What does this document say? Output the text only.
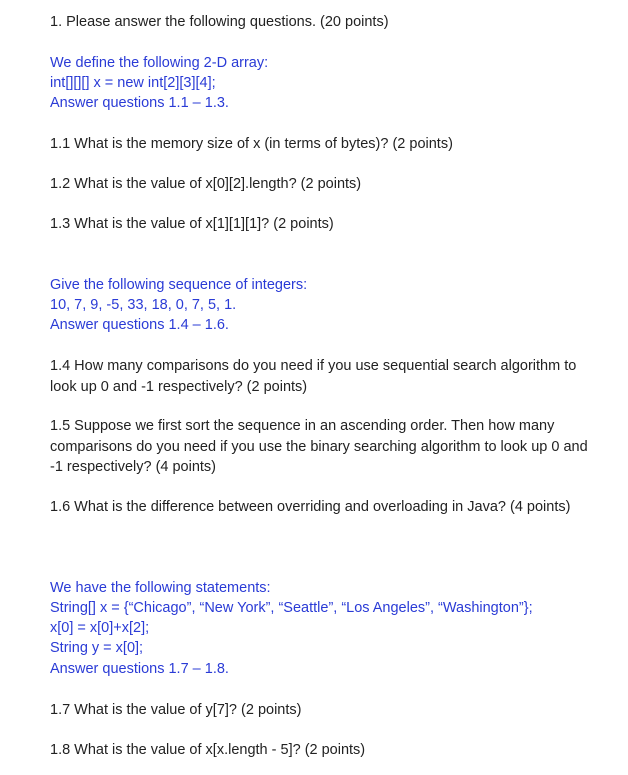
1. Please answer the following questions. (20 points)
We define the following 2-D array:
int[][][] x = new int[2][3][4];
Answer questions 1.1 – 1.3.
1.1 What is the memory size of x (in terms of bytes)? (2 points)
1.2 What is the value of x[0][2].length? (2 points)
1.3 What is the value of x[1][1][1]? (2 points)
Give the following sequence of integers:
10, 7, 9, -5, 33, 18, 0, 7, 5, 1.
Answer questions 1.4 – 1.6.
1.4 How many comparisons do you need if you use sequential search algorithm to look up 0 and -1 respectively? (2 points)
1.5 Suppose we first sort the sequence in an ascending order. Then how many comparisons do you need if you use the binary searching algorithm to look up 0 and -1 respectively? (4 points)
1.6 What is the difference between overriding and overloading in Java? (4 points)
We have the following statements:
String[] x = {“Chicago”, “New York”, “Seattle”, “Los Angeles”, “Washington”};
x[0] = x[0]+x[2];
String y = x[0];
Answer questions 1.7 – 1.8.
1.7 What is the value of y[7]? (2 points)
1.8 What is the value of x[x.length - 5]? (2 points)
